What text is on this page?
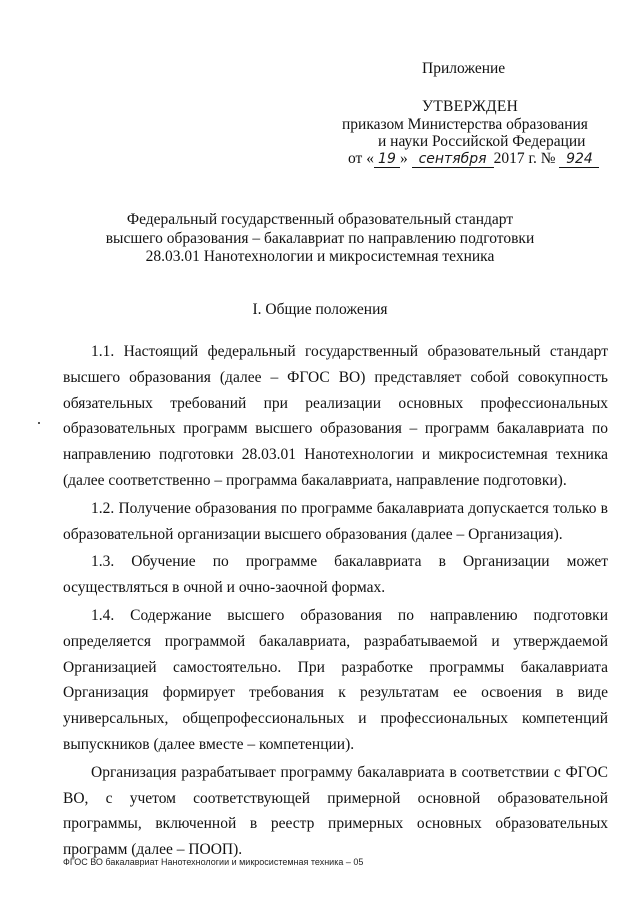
Приложение
УТВЕРЖДЕН
приказом Министерства образования
и науки Российской Федерации
от « 19 » сентября 2017 г. № 924
Федеральный государственный образовательный стандарт
высшего образования – бакалавриат по направлению подготовки
28.03.01 Нанотехнологии и микросистемная техника
I. Общие положения

1.1. Настоящий федеральный государственный образовательный стандарт высшего образования (далее – ФГОС ВО) представляет собой совокупность обязательных требований при реализации основных профессиональных образовательных программ высшего образования – программ бакалавриата по направлению подготовки 28.03.01 Нанотехнологии и микросистемная техника (далее соответственно – программа бакалавриата, направление подготовки).

1.2. Получение образования по программе бакалавриата допускается только в образовательной организации высшего образования (далее – Организация).

1.3. Обучение по программе бакалавриата в Организации может осуществляться в очной и очно-заочной формах.

1.4. Содержание высшего образования по направлению подготовки определяется программой бакалавриата, разрабатываемой и утверждаемой Организацией самостоятельно. При разработке программы бакалавриата Организация формирует требования к результатам ее освоения в виде универсальных, общепрофессиональных и профессиональных компетенций выпускников (далее вместе – компетенции).

Организация разрабатывает программу бакалавриата в соответствии с ФГОС ВО, с учетом соответствующей примерной основной образовательной программы, включенной в реестр примерных основных образовательных программ (далее – ПООП).

ФГОС ВО бакалавриат Нанотехнологии и микросистемная техника – 05
